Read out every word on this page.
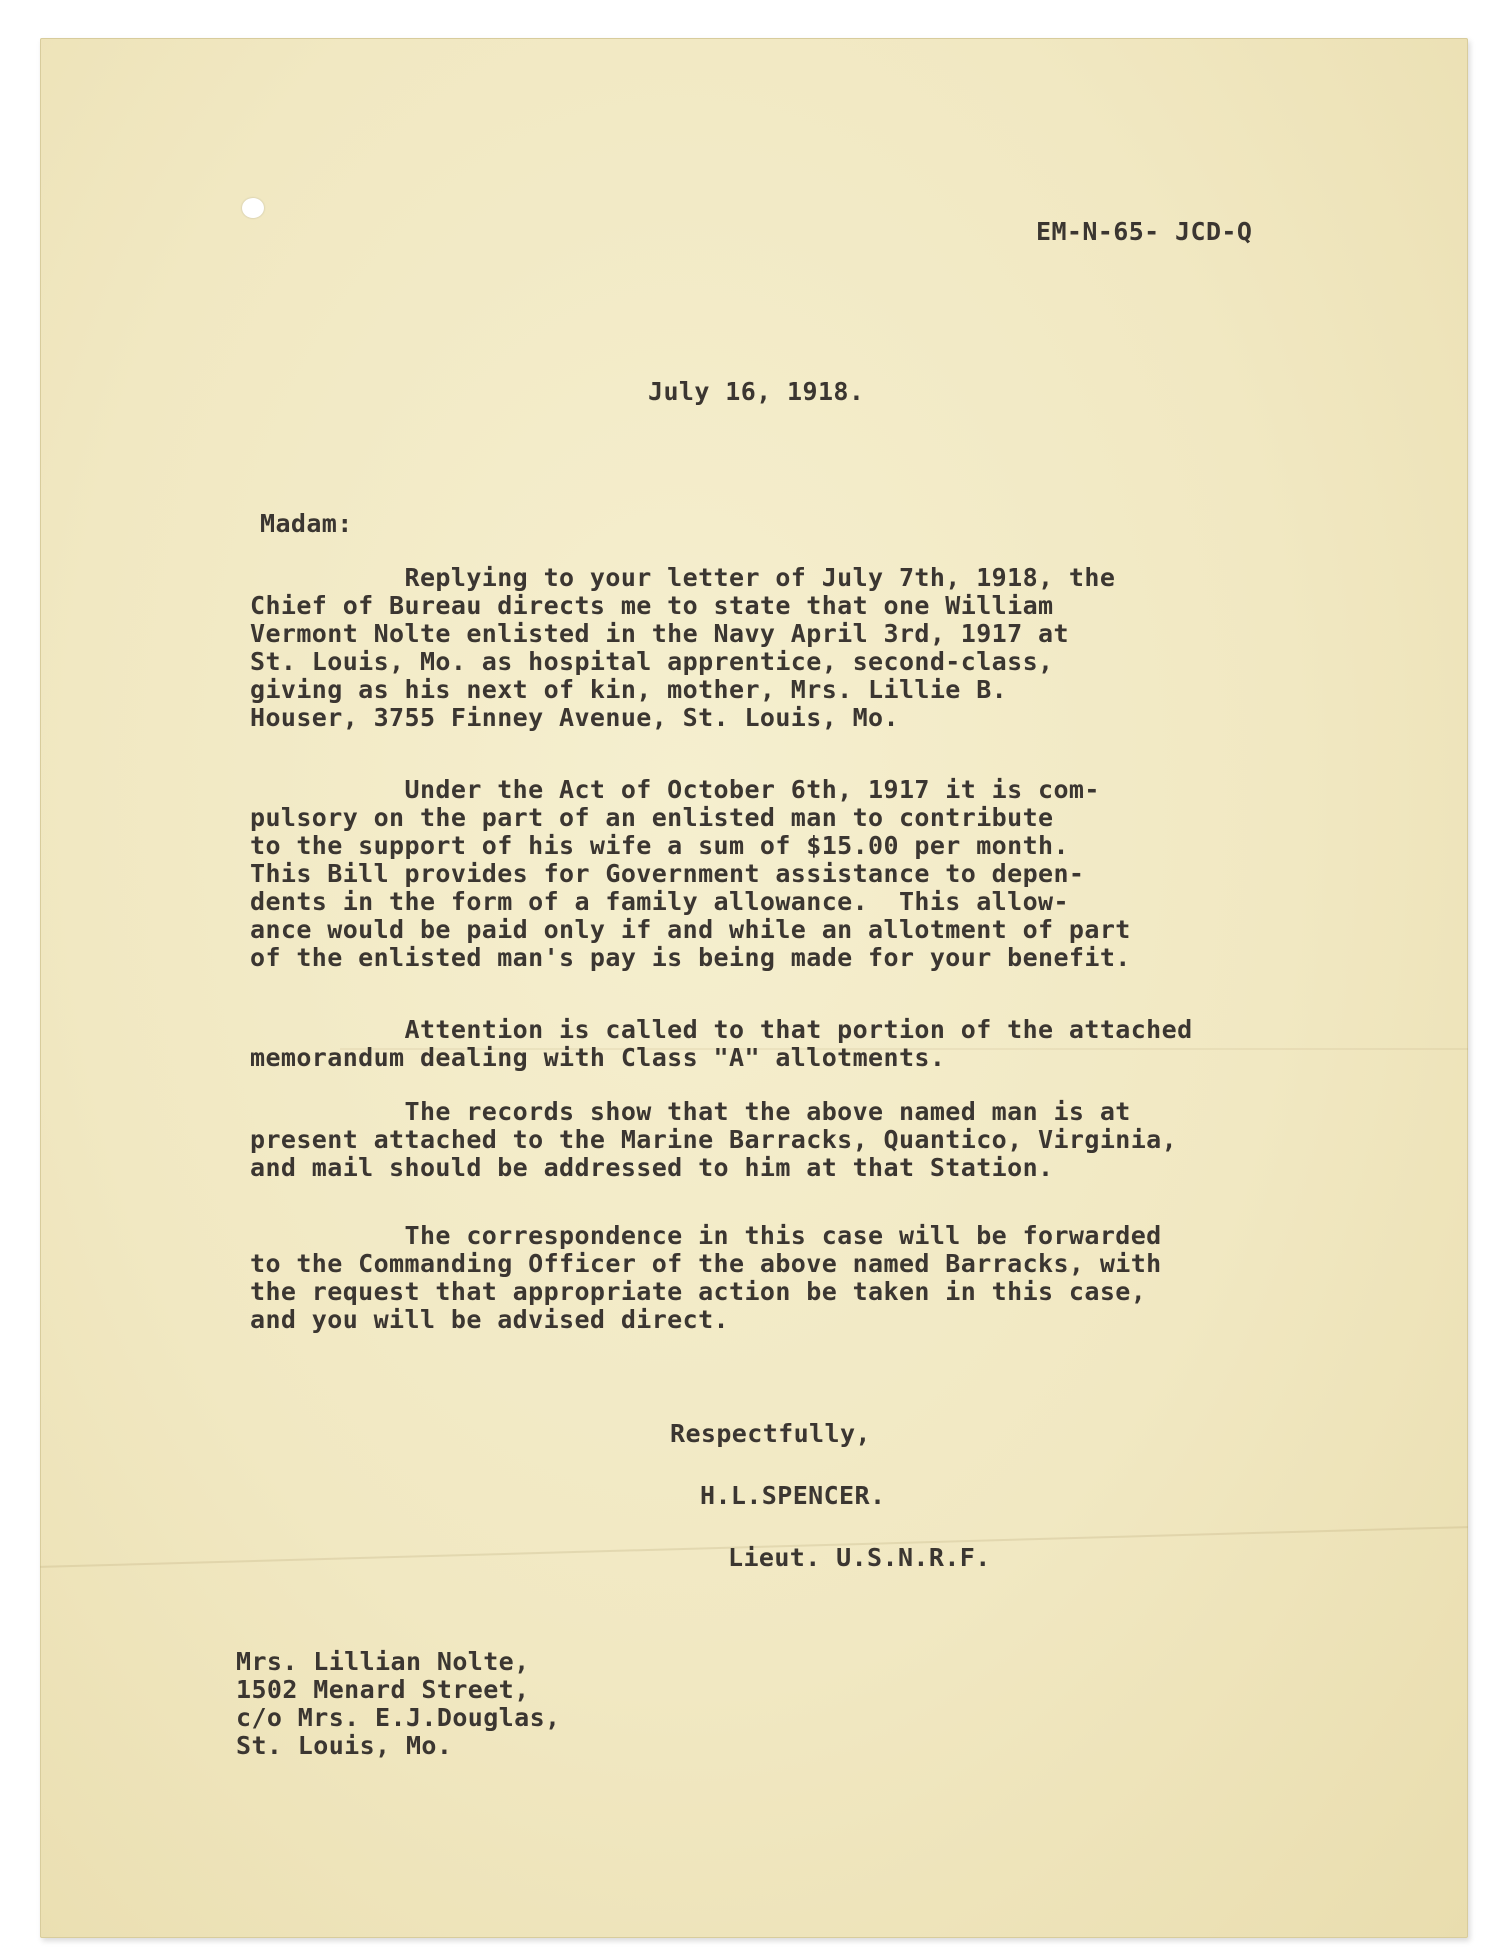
EM-N-65- JCD-Q

July 16, 1918.

Madam:

Replying to your letter of July 7th, 1918, the

Chief of Bureau directs me to state that one William

Vermont Nolte enlisted in the Navy April 3rd, 1917 at

St. Louis, Mo. as hospital apprentice, second-class,

giving as his next of kin, mother, Mrs. Lillie B.

Houser, 3755 Finney Avenue, St. Louis, Mo.

Under the Act of October 6th, 1917 it is com-

pulsory on the part of an enlisted man to contribute

to the support of his wife a sum of $15.00 per month.

This Bill provides for Government assistance to depen-

dents in the form of a family allowance.  This allow-

ance would be paid only if and while an allotment of part

of the enlisted man's pay is being made for your benefit.

Attention is called to that portion of the attached

memorandum dealing with Class "A" allotments.

The records show that the above named man is at

present attached to the Marine Barracks, Quantico, Virginia,

and mail should be addressed to him at that Station.

The correspondence in this case will be forwarded

to the Commanding Officer of the above named Barracks, with

the request that appropriate action be taken in this case,

and you will be advised direct.

Respectfully,

H.L.SPENCER.

Lieut. U.S.N.R.F.

Mrs. Lillian Nolte,

1502 Menard Street,

c/o Mrs. E.J.Douglas,

St. Louis, Mo.
